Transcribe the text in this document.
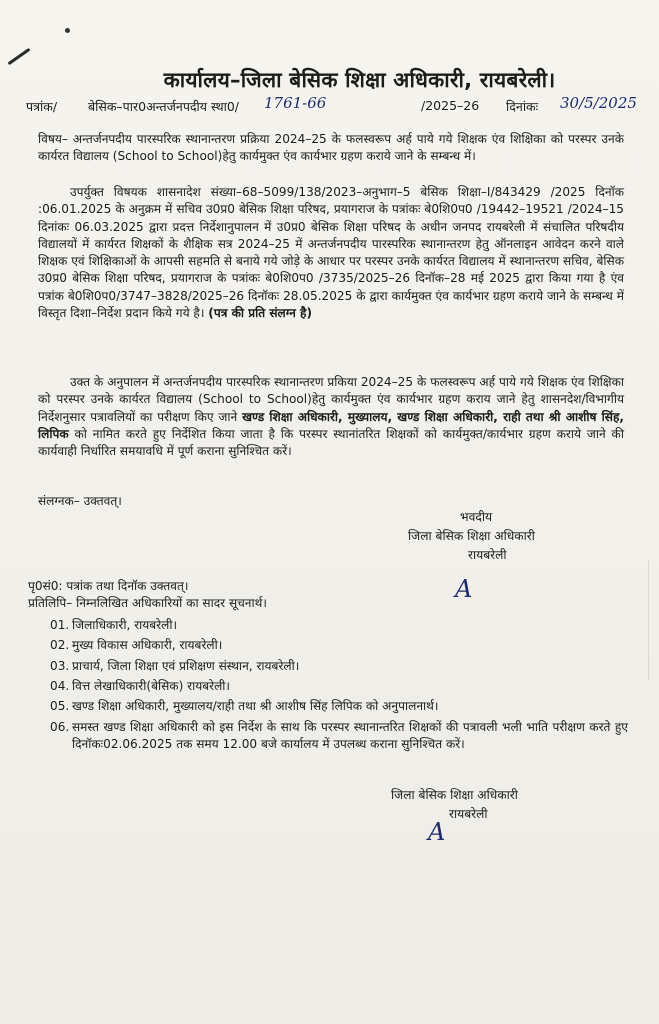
कार्यालय–जिला बेसिक शिक्षा अधिकारी, रायबरेली।
पत्रांक/ बेसिक–पार0अन्तर्जनपदीय स्था0/ 1761-66	/2025–26 दिनांकः 30/5/2025
विषय– अन्तर्जनपदीय पारस्परिक स्थानान्तरण प्रक्रिया 2024–25 के फलस्वरूप अर्ह पाये गये शिक्षक एंव शिक्षिका को परस्पर उनके कार्यरत विद्यालय (School to School)हेतु कार्यमुक्त एंव कार्यभार ग्रहण कराये जाने के सम्बन्ध में।
उपर्युक्त विषयक शासनादेश संख्या–68–5099/138/2023–अनुभाग–5 बेसिक शिक्षा–I/843429 /2025 दिनॉक :06.01.2025 के अनुक्रम में सचिव उ0प्र0 बेसिक शिक्षा परिषद, प्रयागराज के पत्रांकः बे0शि0प0 /19442–19521 /2024–15 दिनांकः 06.03.2025 द्वारा प्रदत्त निर्देशानुपालन में उ0प्र0 बेसिक शिक्षा परिषद के अधीन जनपद रायबरेली में संचालित परिषदीय विद्यालयों में कार्यरत शिक्षकों के शैक्षिक सत्र 2024–25 में अन्तर्जनपदीय पारस्परिक स्थानान्तरण हेतु ऑनलाइन आवेदन करने वाले शिक्षक एवं शिक्षिकाओं के आपसी सहमति से बनाये गये जोड़े के आधार पर परस्पर उनके कार्यरत विद्यालय में स्थानान्तरण सचिव, बेसिक उ0प्र0 बेसिक शिक्षा परिषद, प्रयागराज के पत्रांकः बे0शि0प0 /3735/2025–26 दिनॉक–28 मई 2025 द्वारा किया गया है एंव पत्रांक बे0शि0प0/3747–3828/2025–26 दिनॉकः 28.05.2025 के द्वारा कार्यमुक्त एंव कार्यभार ग्रहण कराये जाने के सम्बन्ध में विस्तृत दिशा–निर्देश प्रदान किये गये है। (पत्र की प्रति संलग्न है)
उक्त के अनुपालन में अन्तर्जनपदीय पारस्परिक स्थानान्तरण प्रकिया 2024–25 के फलस्वरूप अर्ह पाये गये शिक्षक एंव शिक्षिका को परस्पर उनके कार्यरत विद्यालय (School to School)हेतु कार्यमुक्त एंव कार्यभार ग्रहण कराय जाने हेतु शासनदेश/विभागीय निर्देशनुसार पत्रावलियों का परीक्षण किए जाने खण्ड शिक्षा अधिकारी, मुख्यालय, खण्ड शिक्षा अधिकारी, राही तथा श्री आशीष सिंह, लिपिक को नामित करते हुए निर्देशित किया जाता है कि परस्पर स्थानांतरित शिक्षकों को कार्यमुक्त/कार्यभार ग्रहण कराये जाने की कार्यवाही निर्धारित समयावधि में पूर्ण कराना सुनिश्चित करें।
संलग्नक– उक्तवत्।
भवदीय
जिला बेसिक शिक्षा अधिकारी
रायबरेली
A
पृ0सं0: पत्रांक तथा दिनॉक उक्तवत्।
प्रतिलिपि– निम्नलिखित अधिकारियों का सादर सूचनार्थ।
01. जिलाधिकारी, रायबरेली।
02. मुख्य विकास अधिकारी, रायबरेली।
03. प्राचार्य, जिला शिक्षा एवं प्रशिक्षण संस्थान, रायबरेली।
04. वित्त लेखाधिकारी(बेसिक) रायबरेली।
05. खण्ड शिक्षा अधिकारी, मुख्यालय/राही तथा श्री आशीष सिंह लिपिक को अनुपालनार्थ।
06. समस्त खण्ड शिक्षा अधिकारी को इस निर्देश के साथ कि परस्पर स्थानान्तरित शिक्षकों की पत्रावली भली भाति परीक्षण करते हुए दिनॉकः02.06.2025 तक समय 12.00 बजे कार्यालय में उपलब्ध कराना सुनिश्चित करें।
जिला बेसिक शिक्षा अधिकारी
रायबरेली
A
